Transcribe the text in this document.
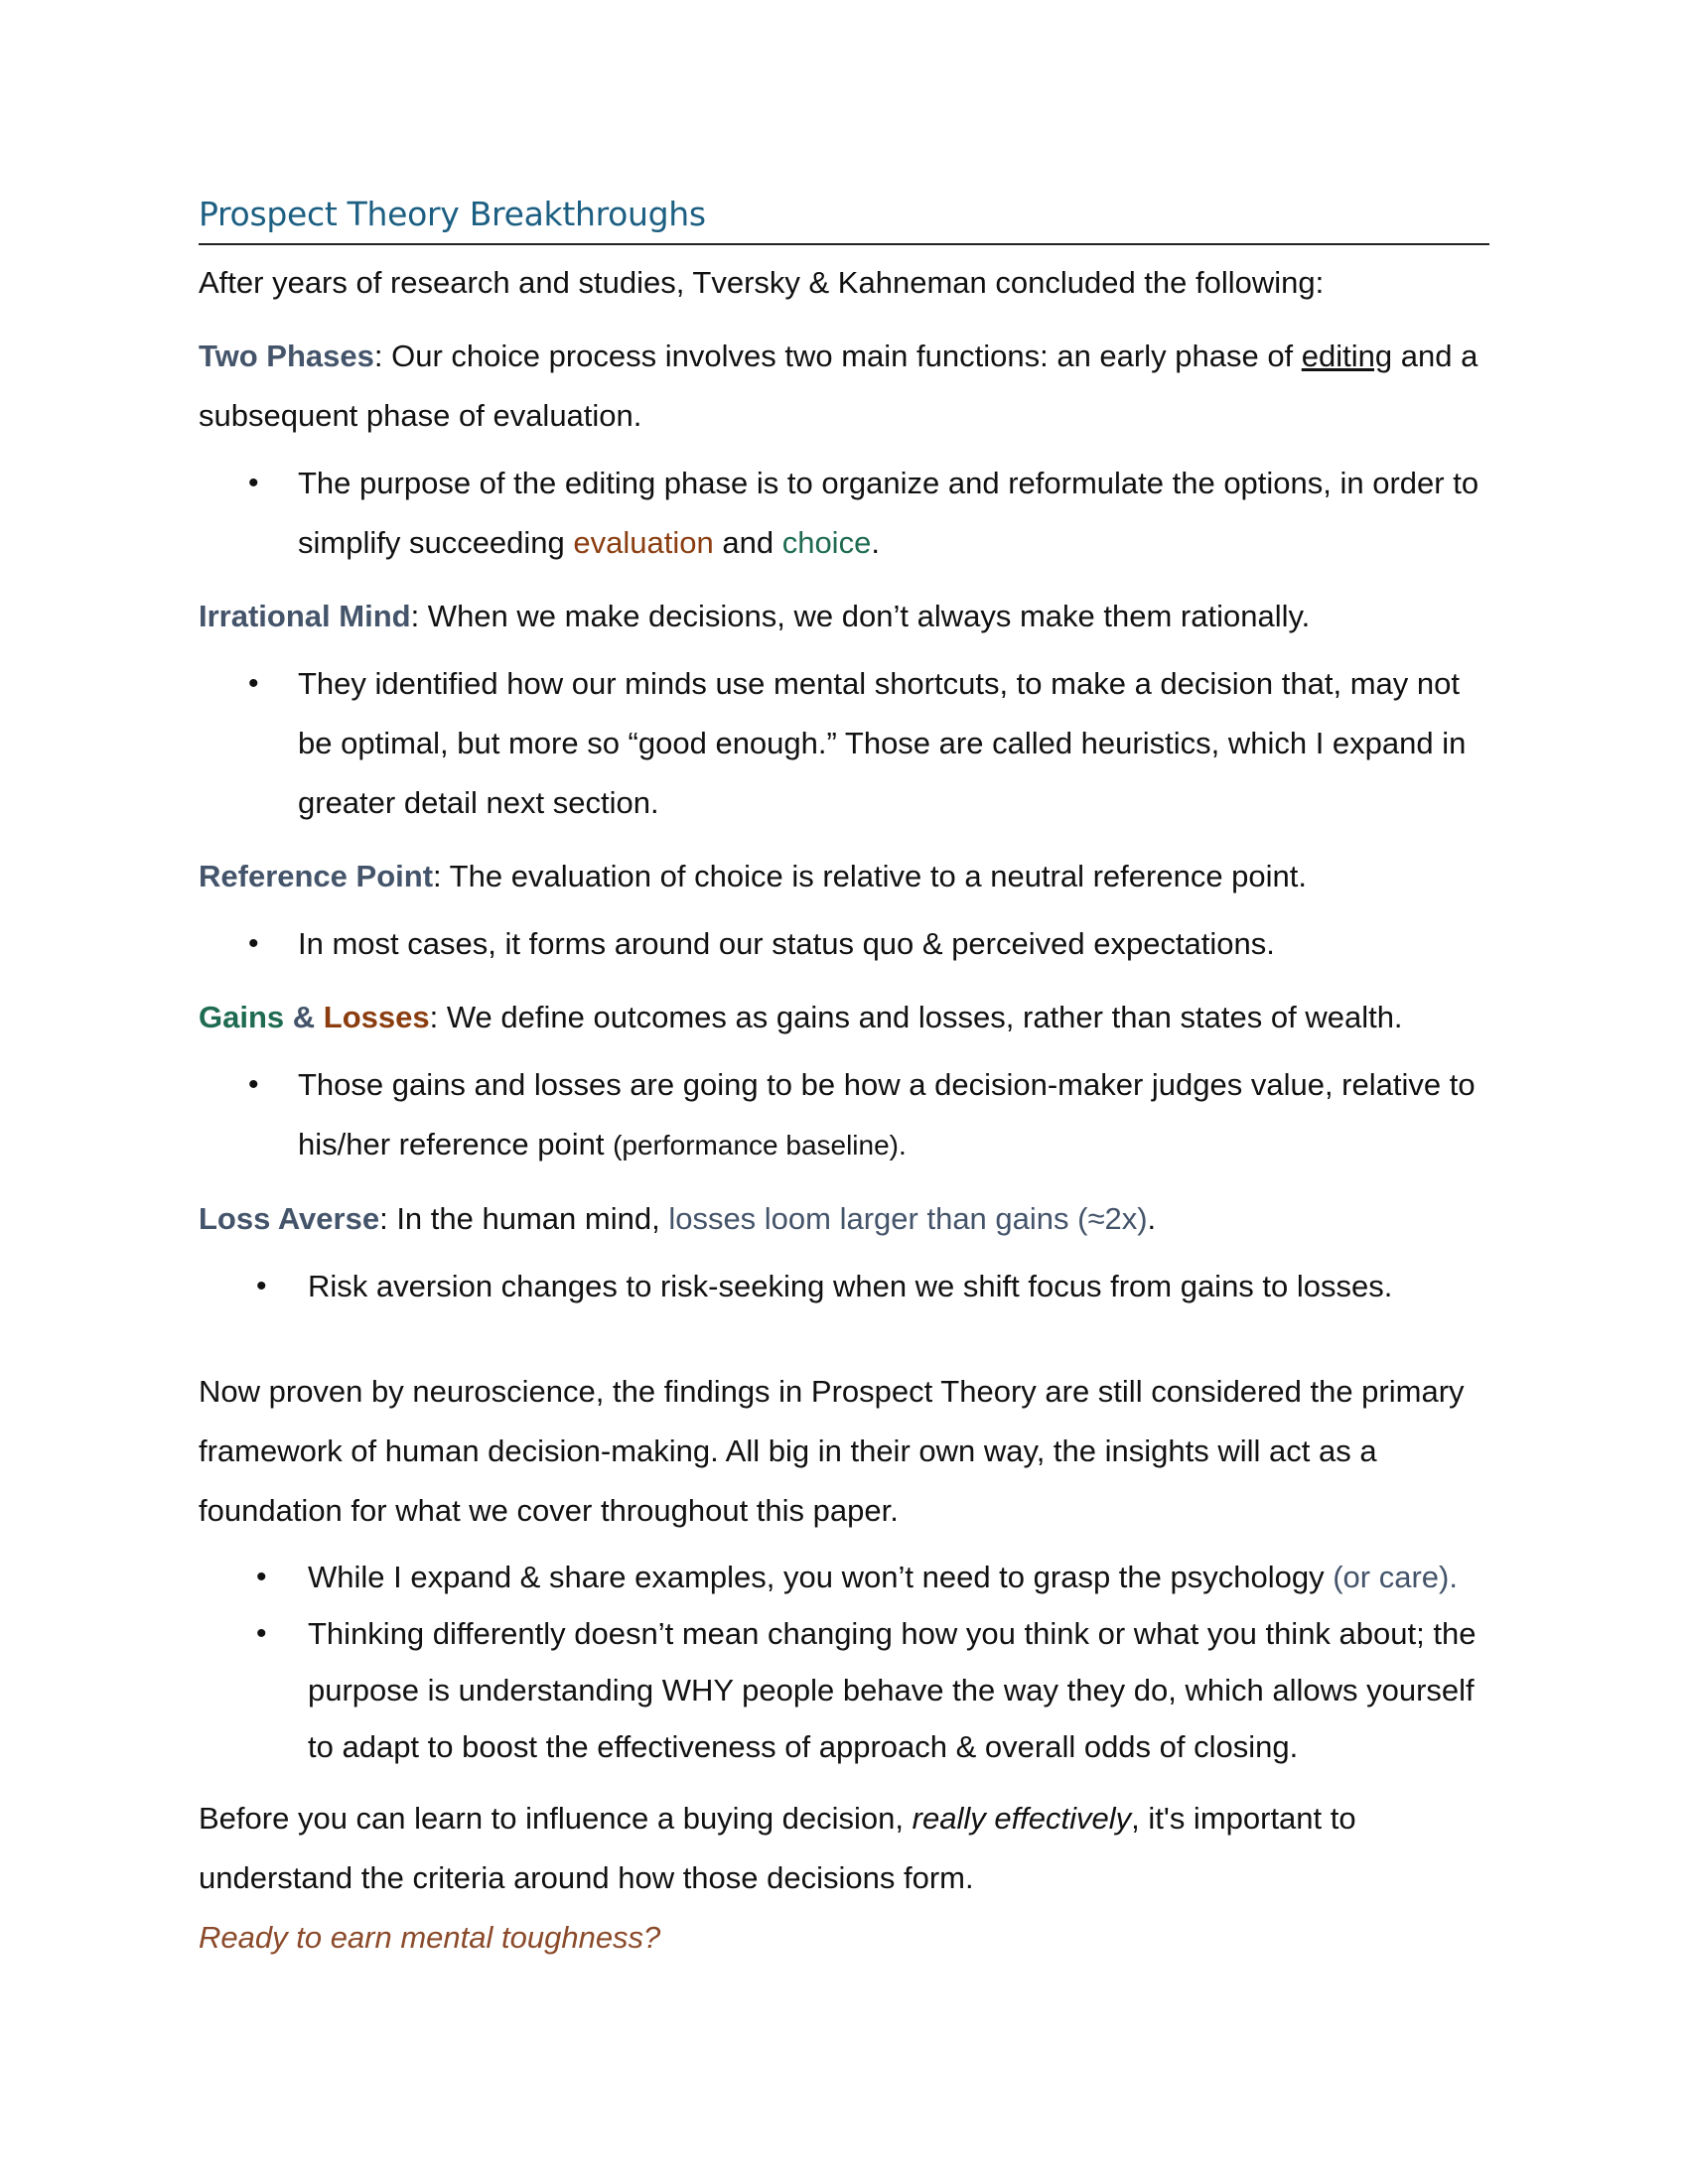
Prospect Theory Breakthroughs

After years of research and studies, Tversky & Kahneman concluded the following:

Two Phases: Our choice process involves two main functions: an early phase of editing and a subsequent phase of evaluation.

• The purpose of the editing phase is to organize and reformulate the options, in order to simplify succeeding evaluation and choice.

Irrational Mind: When we make decisions, we don’t always make them rationally.

• They identified how our minds use mental shortcuts, to make a decision that, may not be optimal, but more so “good enough.” Those are called heuristics, which I expand in greater detail next section.

Reference Point: The evaluation of choice is relative to a neutral reference point.

• In most cases, it forms around our status quo & perceived expectations.

Gains & Losses: We define outcomes as gains and losses, rather than states of wealth.

• Those gains and losses are going to be how a decision-maker judges value, relative to his/her reference point (performance baseline).

Loss Averse: In the human mind, losses loom larger than gains (≈2x).

• Risk aversion changes to risk-seeking when we shift focus from gains to losses.

Now proven by neuroscience, the findings in Prospect Theory are still considered the primary framework of human decision-making. All big in their own way, the insights will act as a foundation for what we cover throughout this paper.

• While I expand & share examples, you won’t need to grasp the psychology (or care).
• Thinking differently doesn’t mean changing how you think or what you think about; the purpose is understanding WHY people behave the way they do, which allows yourself to adapt to boost the effectiveness of approach & overall odds of closing.

Before you can learn to influence a buying decision, really effectively, it's important to understand the criteria around how those decisions form.

Ready to earn mental toughness?
